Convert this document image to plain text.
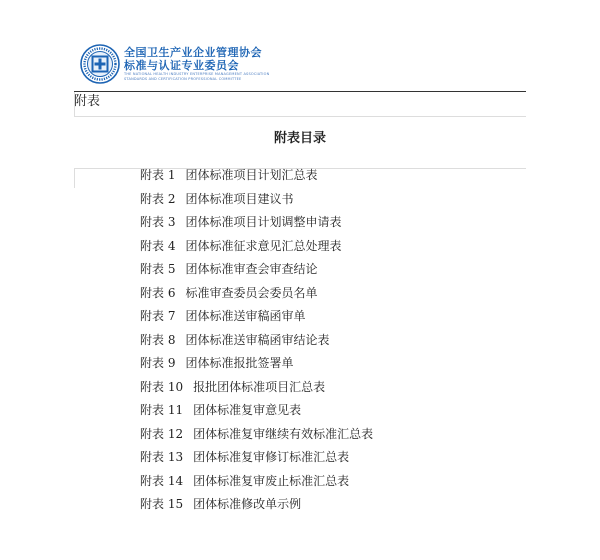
全国卫生产业企业管理协会
标准与认证专业委员会
THE NATIONAL HEALTH INDUSTRY ENTERPRISE MANAGEMENT ASSOCIATION
STANDARDS AND CERTIFICATION PROFESSIONAL COMMITTEE
附表
附表目录
附表 1 团体标准项目计划汇总表
附表 2 团体标准项目建议书
附表 3 团体标准项目计划调整申请表
附表 4 团体标准征求意见汇总处理表
附表 5 团体标准审查会审查结论
附表 6 标准审查委员会委员名单
附表 7 团体标准送审稿函审单
附表 8 团体标准送审稿函审结论表
附表 9 团体标准报批签署单
附表 10 报批团体标准项目汇总表
附表 11 团体标准复审意见表
附表 12 团体标准复审继续有效标准汇总表
附表 13 团体标准复审修订标准汇总表
附表 14 团体标准复审废止标准汇总表
附表 15 团体标准修改单示例
